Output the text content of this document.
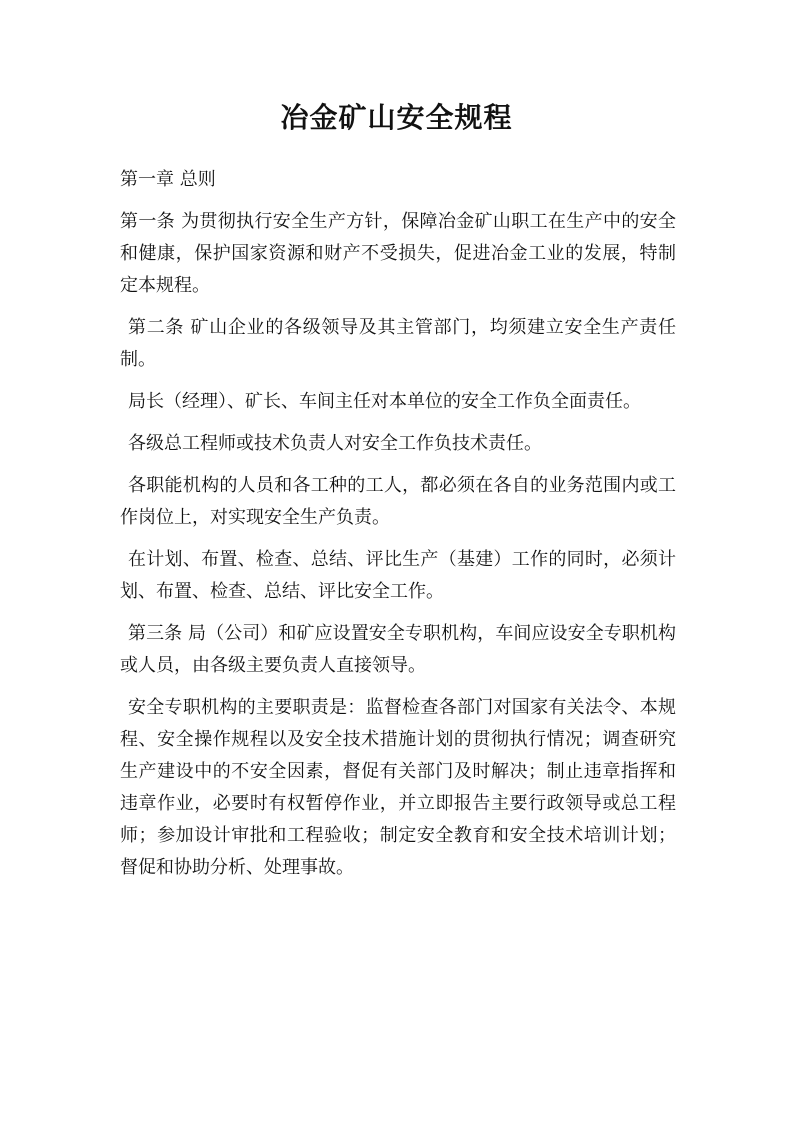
冶金矿山安全规程

第一章 总则

第一条 为贯彻执行安全生产方针，保障冶金矿山职工在生产中的安全和健康，保护国家资源和财产不受损失，促进冶金工业的发展，特制定本规程。

第二条 矿山企业的各级领导及其主管部门，均须建立安全生产责任制。

局长（经理）、矿长、车间主任对本单位的安全工作负全面责任。

各级总工程师或技术负责人对安全工作负技术责任。

各职能机构的人员和各工种的工人，都必须在各自的业务范围内或工作岗位上，对实现安全生产负责。

在计划、布置、检查、总结、评比生产（基建）工作的同时，必须计划、布置、检查、总结、评比安全工作。

第三条 局（公司）和矿应设置安全专职机构，车间应设安全专职机构或人员，由各级主要负责人直接领导。

安全专职机构的主要职责是：监督检查各部门对国家有关法令、本规程、安全操作规程以及安全技术措施计划的贯彻执行情况；调查研究生产建设中的不安全因素，督促有关部门及时解决；制止违章指挥和违章作业，必要时有权暂停作业，并立即报告主要行政领导或总工程师；参加设计审批和工程验收；制定安全教育和安全技术培训计划；督促和协助分析、处理事故。
